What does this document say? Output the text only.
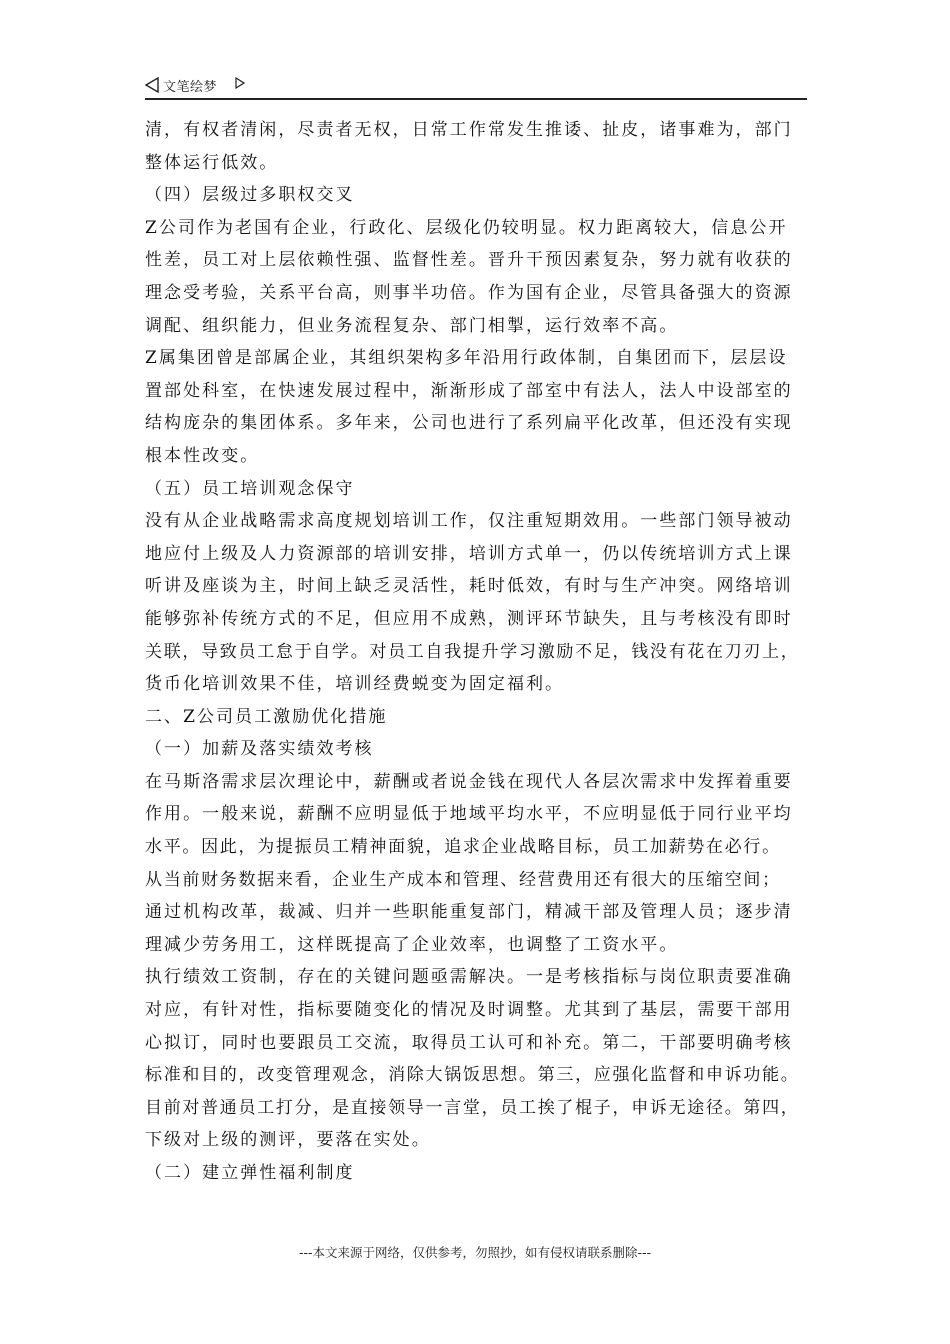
文笔绘梦
清，有权者清闲，尽责者无权，日常工作常发生推诿、扯皮，诸事难为，部门
整体运行低效。
（四）层级过多职权交叉
Z公司作为老国有企业，行政化、层级化仍较明显。权力距离较大，信息公开
性差，员工对上层依赖性强、监督性差。晋升干预因素复杂，努力就有收获的
理念受考验，关系平台高，则事半功倍。作为国有企业，尽管具备强大的资源
调配、组织能力，但业务流程复杂、部门相掣，运行效率不高。
Z属集团曾是部属企业，其组织架构多年沿用行政体制，自集团而下，层层设
置部处科室，在快速发展过程中，渐渐形成了部室中有法人，法人中设部室的
结构庞杂的集团体系。多年来，公司也进行了系列扁平化改革，但还没有实现
根本性改变。
（五）员工培训观念保守
没有从企业战略需求高度规划培训工作，仅注重短期效用。一些部门领导被动
地应付上级及人力资源部的培训安排，培训方式单一，仍以传统培训方式上课
听讲及座谈为主，时间上缺乏灵活性，耗时低效，有时与生产冲突。网络培训
能够弥补传统方式的不足，但应用不成熟，测评环节缺失，且与考核没有即时
关联，导致员工怠于自学。对员工自我提升学习激励不足，钱没有花在刀刃上，
货币化培训效果不佳，培训经费蜕变为固定福利。
二、Z公司员工激励优化措施
（一）加薪及落实绩效考核
在马斯洛需求层次理论中，薪酬或者说金钱在现代人各层次需求中发挥着重要
作用。一般来说，薪酬不应明显低于地域平均水平，不应明显低于同行业平均
水平。因此，为提振员工精神面貌，追求企业战略目标，员工加薪势在必行。
从当前财务数据来看，企业生产成本和管理、经营费用还有很大的压缩空间；
通过机构改革，裁减、归并一些职能重复部门，精减干部及管理人员；逐步清
理减少劳务用工，这样既提高了企业效率，也调整了工资水平。
执行绩效工资制，存在的关键问题亟需解决。一是考核指标与岗位职责要准确
对应，有针对性，指标要随变化的情况及时调整。尤其到了基层，需要干部用
心拟订，同时也要跟员工交流，取得员工认可和补充。第二，干部要明确考核
标准和目的，改变管理观念，消除大锅饭思想。第三，应强化监督和申诉功能。
目前对普通员工打分，是直接领导一言堂，员工挨了棍子，申诉无途径。第四，
下级对上级的测评，要落在实处。
（二）建立弹性福利制度
---本文来源于网络，仅供参考，勿照抄，如有侵权请联系删除---
